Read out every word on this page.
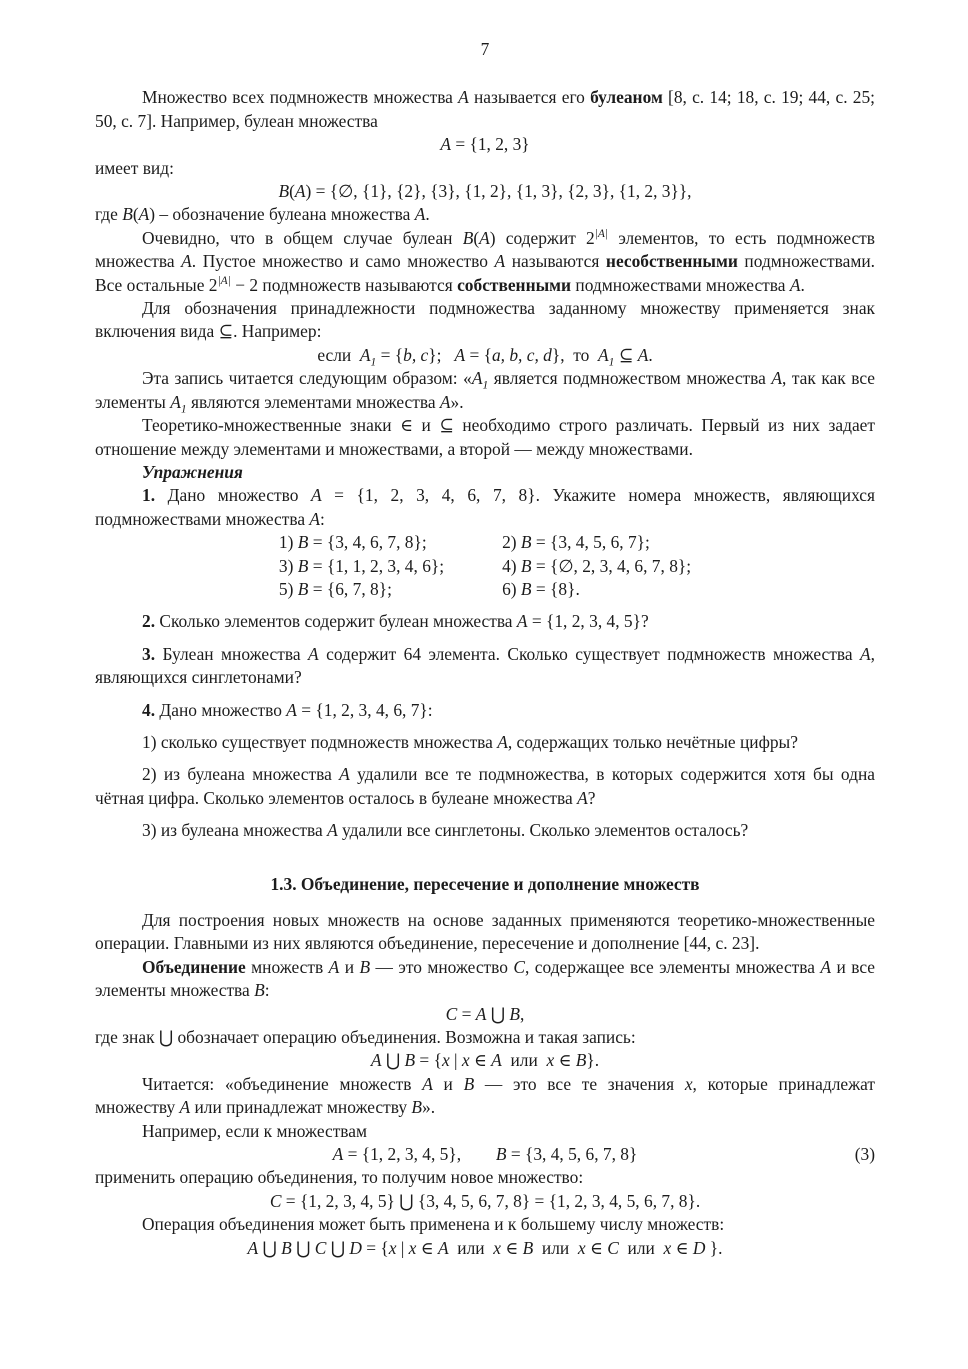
7
Множество всех подмножеств множества A называется его булеаном [8, с. 14; 18, с. 19; 44, с. 25; 50, с. 7]. Например, булеан множества
A = {1, 2, 3}
имеет вид:
B(A) = {∅, {1}, {2}, {3}, {1, 2}, {1, 3}, {2, 3}, {1, 2, 3}},
где B(A) – обозначение булеана множества A.
Очевидно, что в общем случае булеан B(A) содержит $2^{|A|}$ элементов, то есть подмножеств множества A. Пустое множество и само множество A называются несобственными подмножествами. Все остальные $2^{|A|} - 2$ подмножеств называются собственными подмножествами множества A.
Для обозначения принадлежности подмножества заданному множеству применяется знак включения вида ⊆. Например:
если  $A_1 = \{b$, c};   A = {a, b, c, d},  то  $A_1$ ⊆ A.
Эта запись читается следующим образом: «$A_1$ является подмножеством множества A, так как все элементы $A_1$ являются элементами множества A».
Теоретико-множественные знаки ∈ и ⊆ необходимо строго различать. Первый из них задает отношение между элементами и множествами, а второй — между множествами.
Упражнения
1. Дано множество A = {1, 2, 3, 4, 6, 7, 8}. Укажите номера множеств, являющихся подмножествами множества A:
1) B = {3, 4, 6, 7, 8};	2) B = {3, 4, 5, 6, 7};
3) B = {1, 1, 2, 3, 4, 6};	4) B = {∅, 2, 3, 4, 6, 7, 8};
5) B = {6, 7, 8};	6) B = {8}.
2. Сколько элементов содержит булеан множества A = {1, 2, 3, 4, 5}?
3. Булеан множества A содержит 64 элемента. Сколько существует подмножеств множества A, являющихся синглетонами?
4. Дано множество A = {1, 2, 3, 4, 6, 7}:
1) сколько существует подмножеств множества A, содержащих только нечётные цифры?
2) из булеана множества A удалили все те подмножества, в которых содержится хотя бы одна чётная цифра. Сколько элементов осталось в булеане множества A?
3) из булеана множества A удалили все синглетоны. Сколько элементов осталось?
1.3. Объединение, пересечение и дополнение множеств
Для построения новых множеств на основе заданных применяются теоретико-множественные операции. Главными из них являются объединение, пересечение и дополнение [44, с. 23].
Объединение множеств A и B — это множество C, содержащее все элементы множества A и все элементы множества B:
C = A ⋃ B,
где знак ⋃ обозначает операцию объединения. Возможна и такая запись:
A ⋃ B = {x | x ∈ A  или  x ∈ B}.
Читается: «объединение множеств A и B — это все те значения x, которые принадлежат множеству A или принадлежат множеству B».
Например, если к множествам
A = {1, 2, 3, 4, 5},        B = {3, 4, 5, 6, 7, 8}	(3)
применить операцию объединения, то получим новое множество:
C = {1, 2, 3, 4, 5} ⋃ {3, 4, 5, 6, 7, 8} = {1, 2, 3, 4, 5, 6, 7, 8}.
Операция объединения может быть применена и к большему числу множеств:
A ⋃ B ⋃ C ⋃ D = {x | x ∈ A  или  x ∈ B  или  x ∈ C  или  x ∈ D }.
